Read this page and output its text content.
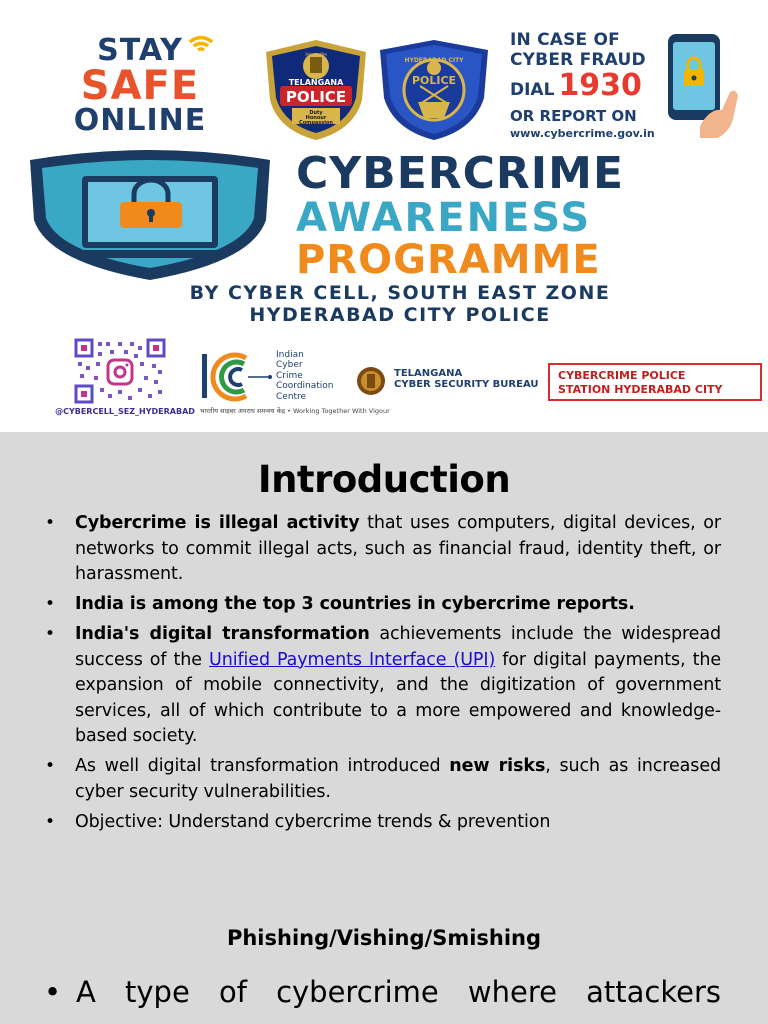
STAY
SAFE
ONLINE
TELANGANA
POLICE
Duty
Honour
Compassion
तेलंगाना पुलिस
HYDERABAD CITY
POLICE
IN CASE OF
CYBER FRAUD
DIAL 1930
OR REPORT ON
www.cybercrime.gov.in
CYBERCRIME
AWARENESS
PROGRAMME
BY CYBER CELL, SOUTH EAST ZONE
HYDERABAD CITY POLICE
@CYBERCELL_SEZ_HYDERABAD
Indian
Cyber
Crime
Coordination
Centre
भारतीय साइबर अपराध समन्वय केंद्र • Working Together With Vigour
TELANGANA
CYBER SECURITY BUREAU
CYBERCRIME POLICE
STATION HYDERABAD CITY
Introduction
• Cybercrime is illegal activity that uses computers, digital devices, or networks to commit illegal acts, such as financial fraud, identity theft, or harassment.
• India is among the top 3 countries in cybercrime reports.
• India's digital transformation achievements include the widespread success of the Unified Payments Interface (UPI) for digital payments, the expansion of mobile connectivity, and the digitization of government services, all of which contribute to a more empowered and knowledge-based society.
• As well digital transformation introduced new risks, such as increased cyber security vulnerabilities.
• Objective: Understand cybercrime trends & prevention
Phishing/Vishing/Smishing
• A type of cybercrime where attackers
